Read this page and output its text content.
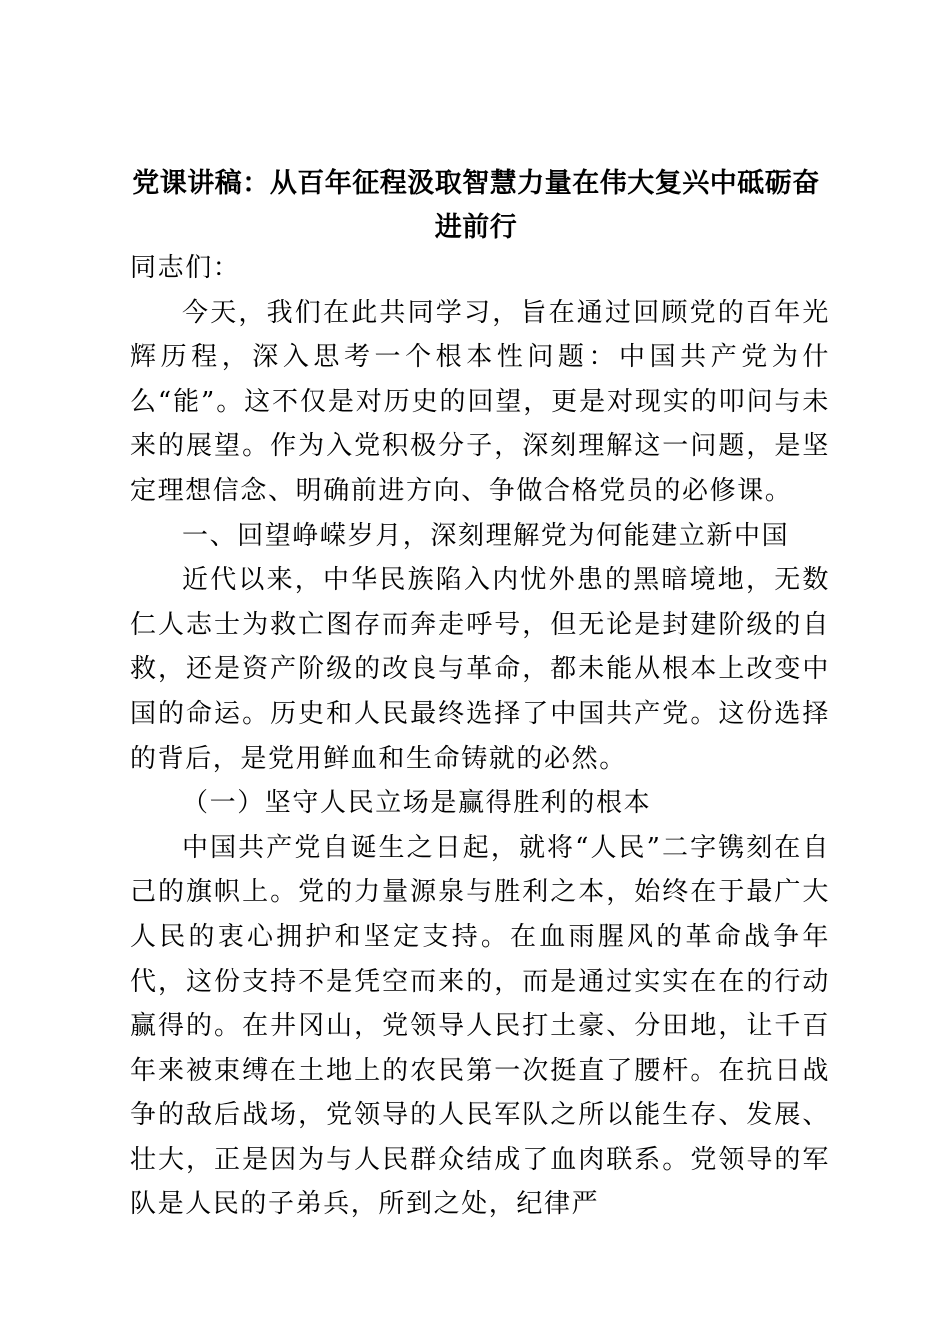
党课讲稿：从百年征程汲取智慧力量在伟大复兴中砥砺奋进前行

同志们：

今天，我们在此共同学习，旨在通过回顾党的百年光辉历程，深入思考一个根本性问题：中国共产党为什么“能”。这不仅是对历史的回望，更是对现实的叩问与未来的展望。作为入党积极分子，深刻理解这一问题，是坚定理想信念、明确前进方向、争做合格党员的必修课。

一、回望峥嵘岁月，深刻理解党为何能建立新中国

近代以来，中华民族陷入内忧外患的黑暗境地，无数仁人志士为救亡图存而奔走呼号，但无论是封建阶级的自救，还是资产阶级的改良与革命，都未能从根本上改变中国的命运。历史和人民最终选择了中国共产党。这份选择的背后，是党用鲜血和生命铸就的必然。

（一）坚守人民立场是赢得胜利的根本

中国共产党自诞生之日起，就将“人民”二字镌刻在自己的旗帜上。党的力量源泉与胜利之本，始终在于最广大人民的衷心拥护和坚定支持。在血雨腥风的革命战争年代，这份支持不是凭空而来的，而是通过实实在在的行动赢得的。在井冈山，党领导人民打土豪、分田地，让千百年来被束缚在土地上的农民第一次挺直了腰杆。在抗日战争的敌后战场，党领导的人民军队之所以能生存、发展、壮大，正是因为与人民群众结成了血肉联系。党领导的军队是人民的子弟兵，所到之处，纪律严
